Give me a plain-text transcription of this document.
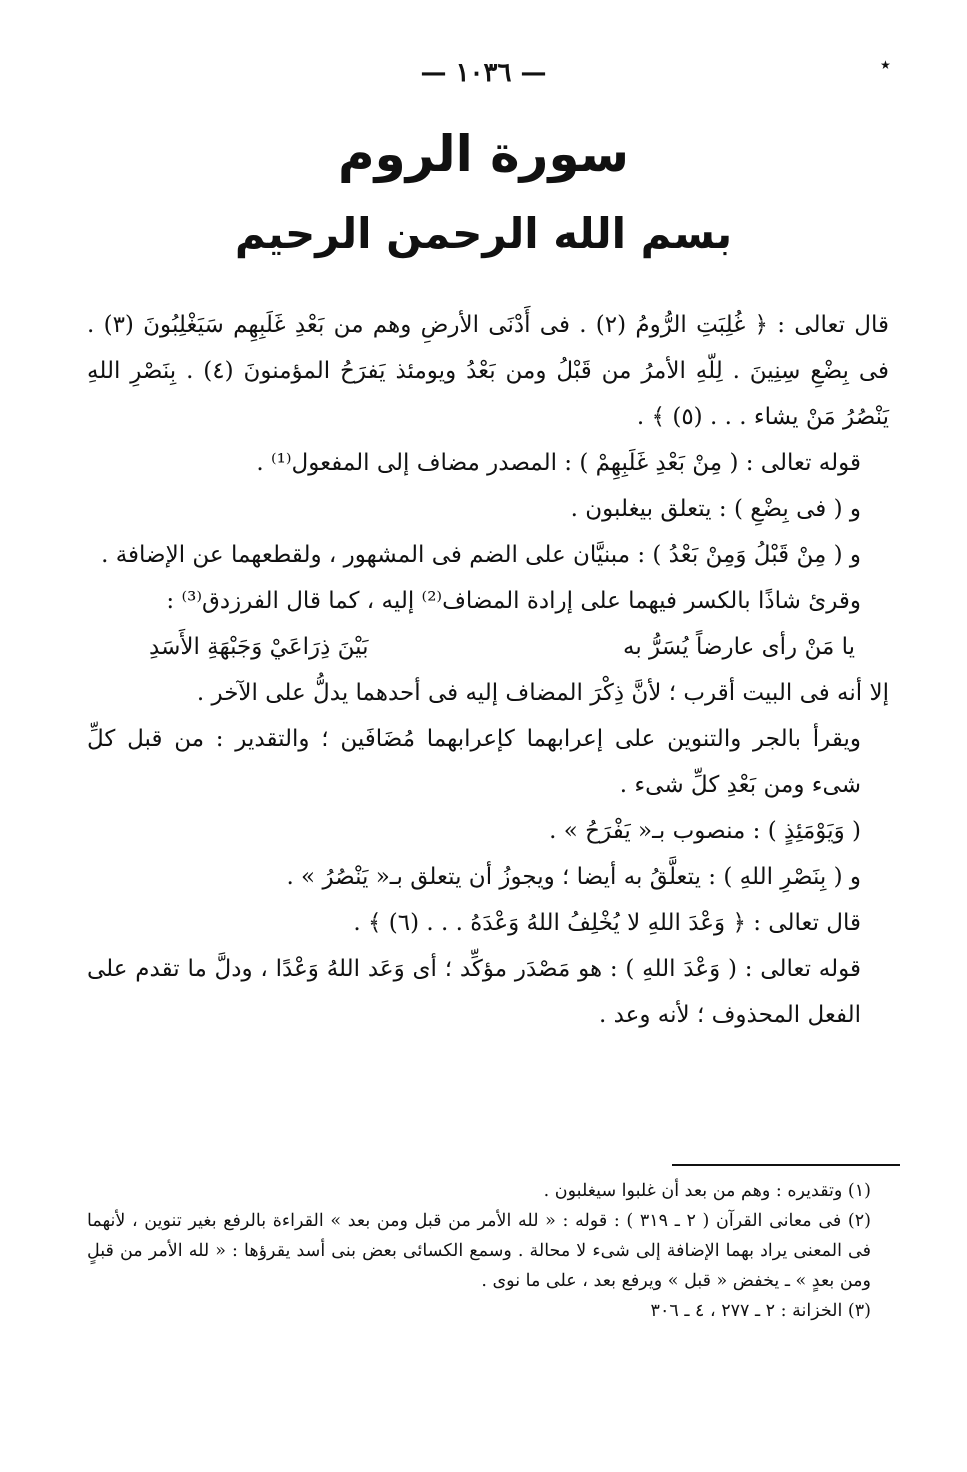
٭
— ١٠٣٦ —
سورة الروم
بسم الله الرحمن الرحيم

قال تعالى : ﴿ غُلِبَتِ الرُّومُ (٢) . فى أَدْنَى الأرضِ وهم من بَعْدِ غَلَبِهِم سَيَغْلِبُونَ (٣) . فى بِضْعِ سِنِينَ . لِلّهِ الأمرُ من قَبْلُ ومن بَعْدُ ويومئذ يَفرَحُ المؤمنونَ (٤) . بِنَصْرِ اللهِ يَنْصُرُ مَنْ يشاء . . . (٥) ﴾ .

قوله تعالى : ( مِنْ بَعْدِ غَلَبِهِمْ ) : المصدر مضاف إلى المفعول⁽¹⁾ .

و ( فى بِضْعِ ) : يتعلق بيغلبون .

و ( مِنْ قَبْلُ وَمِنْ بَعْدُ ) : مبنيَّان على الضم فى المشهور ، ولقطعهما عن الإضافة .

وقرئ شاذًا بالكسر فيهما على إرادة المضاف⁽²⁾ إليه ، كما قال الفرزدق⁽³⁾ :

يا مَنْ رأى عارضاً يُسَرُّ به
بَيْنَ ذِرَاعَيْ وَجَبْهَةِ الأَسَدِ

إلا أنه فى البيت أقرب ؛ لأنَّ ذِكْرَ المضاف إليه فى أحدهما يدلُّ على الآخر .

ويقرأ بالجر والتنوين على إعرابهما كإعرابهما مُضَافَين ؛ والتقدير : من قبل كلِّ شىء ومن بَعْدِ كلِّ شىء .

( وَيَوْمَئِذٍ ) : منصوب بـ« يَفْرَحُ » .

و ( بِنَصْرِ اللهِ ) : يتعلَّقُ به أيضا ؛ ويجوزُ أن يتعلق بـ« يَنْصُرُ » .

قال تعالى : ﴿ وَعْدَ اللهِ لا يُخْلِفُ اللهُ وَعْدَهُ . . . (٦) ﴾ .

قوله تعالى : ( وَعْدَ اللهِ ) : هو مَصْدَر مؤكِّد ؛ أى وَعَد اللهُ وَعْدًا ، ودلَّ ما تقدم على الفعل المحذوف ؛ لأنه وعد .

(١) وتقديره : وهم من بعد أن غلبوا سيغلبون .

(٢) فى معانى القرآن ( ٢ ـ ٣١٩ ) : قوله : « لله الأمر من قبل ومن بعد » القراءة بالرفع بغير تنوين ، لأنهما فى المعنى يراد بهما الإضافة إلى شىء لا محالة . وسمع الكسائى بعض بنى أسد يقرؤها : « لله الأمر من قبلٍ ومن بعدٍ » ـ يخفض « قبل » ويرفع بعد ، على ما نوى .

(٣) الخزانة : ٢ ـ ٢٧٧ ، ٤ ـ ٣٠٦
